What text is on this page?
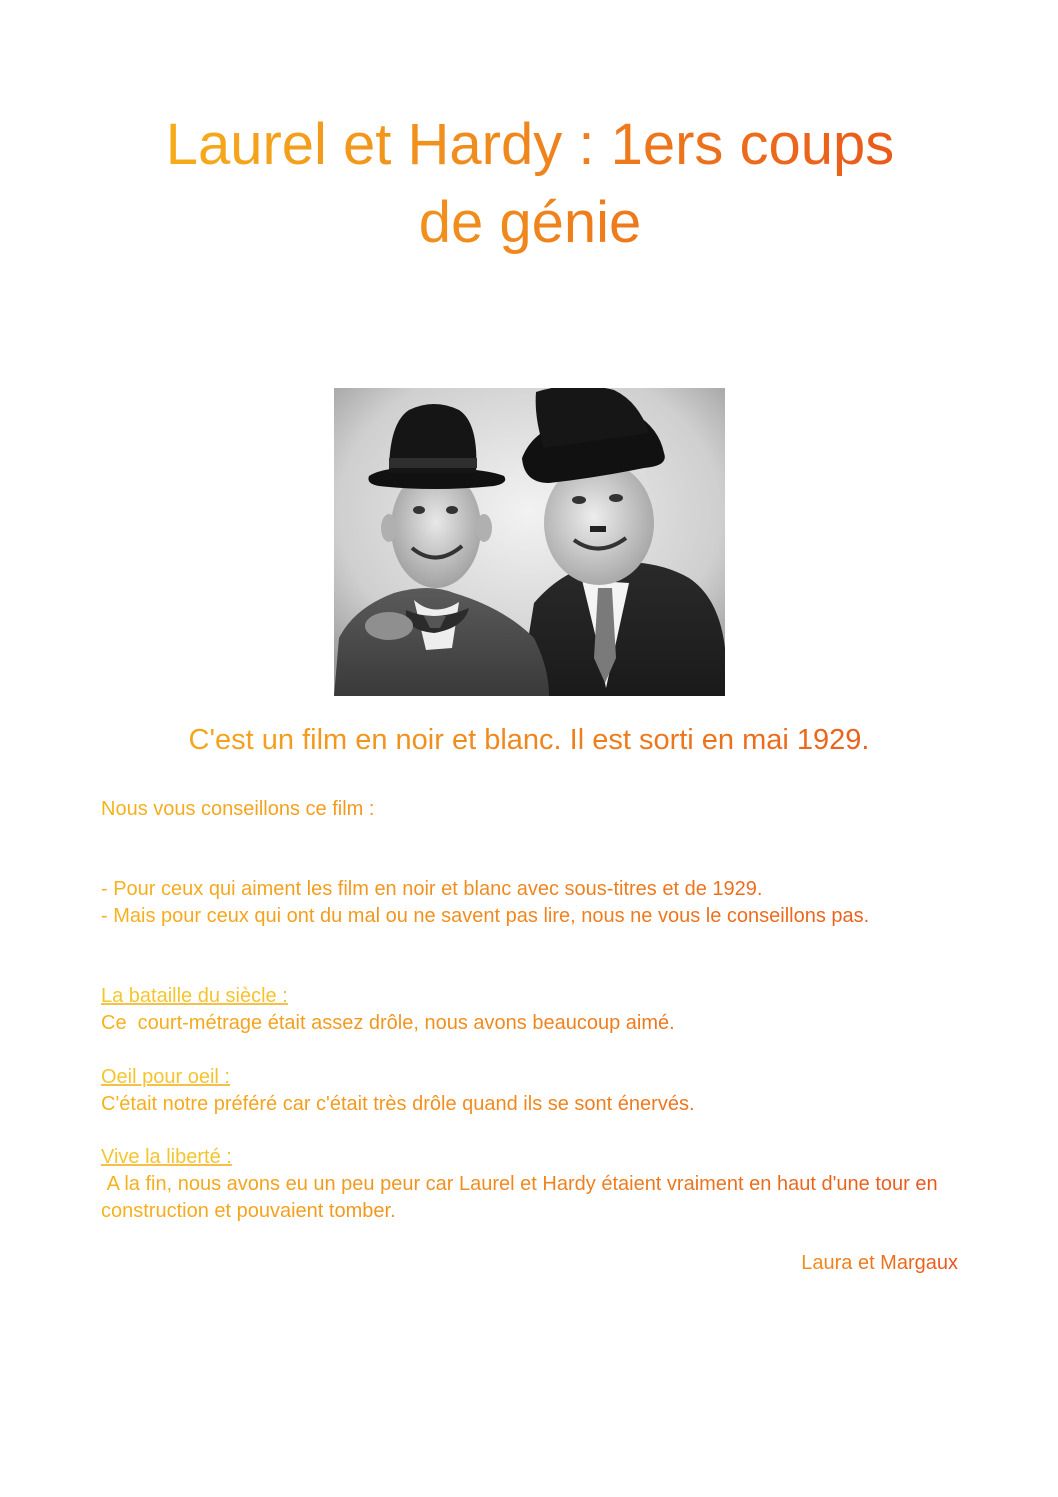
Laurel et Hardy : 1ers coups
de génie

C'est un film en noir et blanc. Il est sorti en mai 1929.

Nous vous conseillons ce film :
- Pour ceux qui aiment les film en noir et blanc avec sous-titres et de 1929.
- Mais pour ceux qui ont du mal ou ne savent pas lire, nous ne vous le conseillons pas.
La bataille du siècle :
Ce  court-métrage était assez drôle, nous avons beaucoup aimé.
Oeil pour oeil :
C'était notre préféré car c'était très drôle quand ils se sont énervés.
Vive la liberté :
A la fin, nous avons eu un peu peur car Laurel et Hardy étaient vraiment en haut d'une tour en construction et pouvaient tomber.

Laura et Margaux
